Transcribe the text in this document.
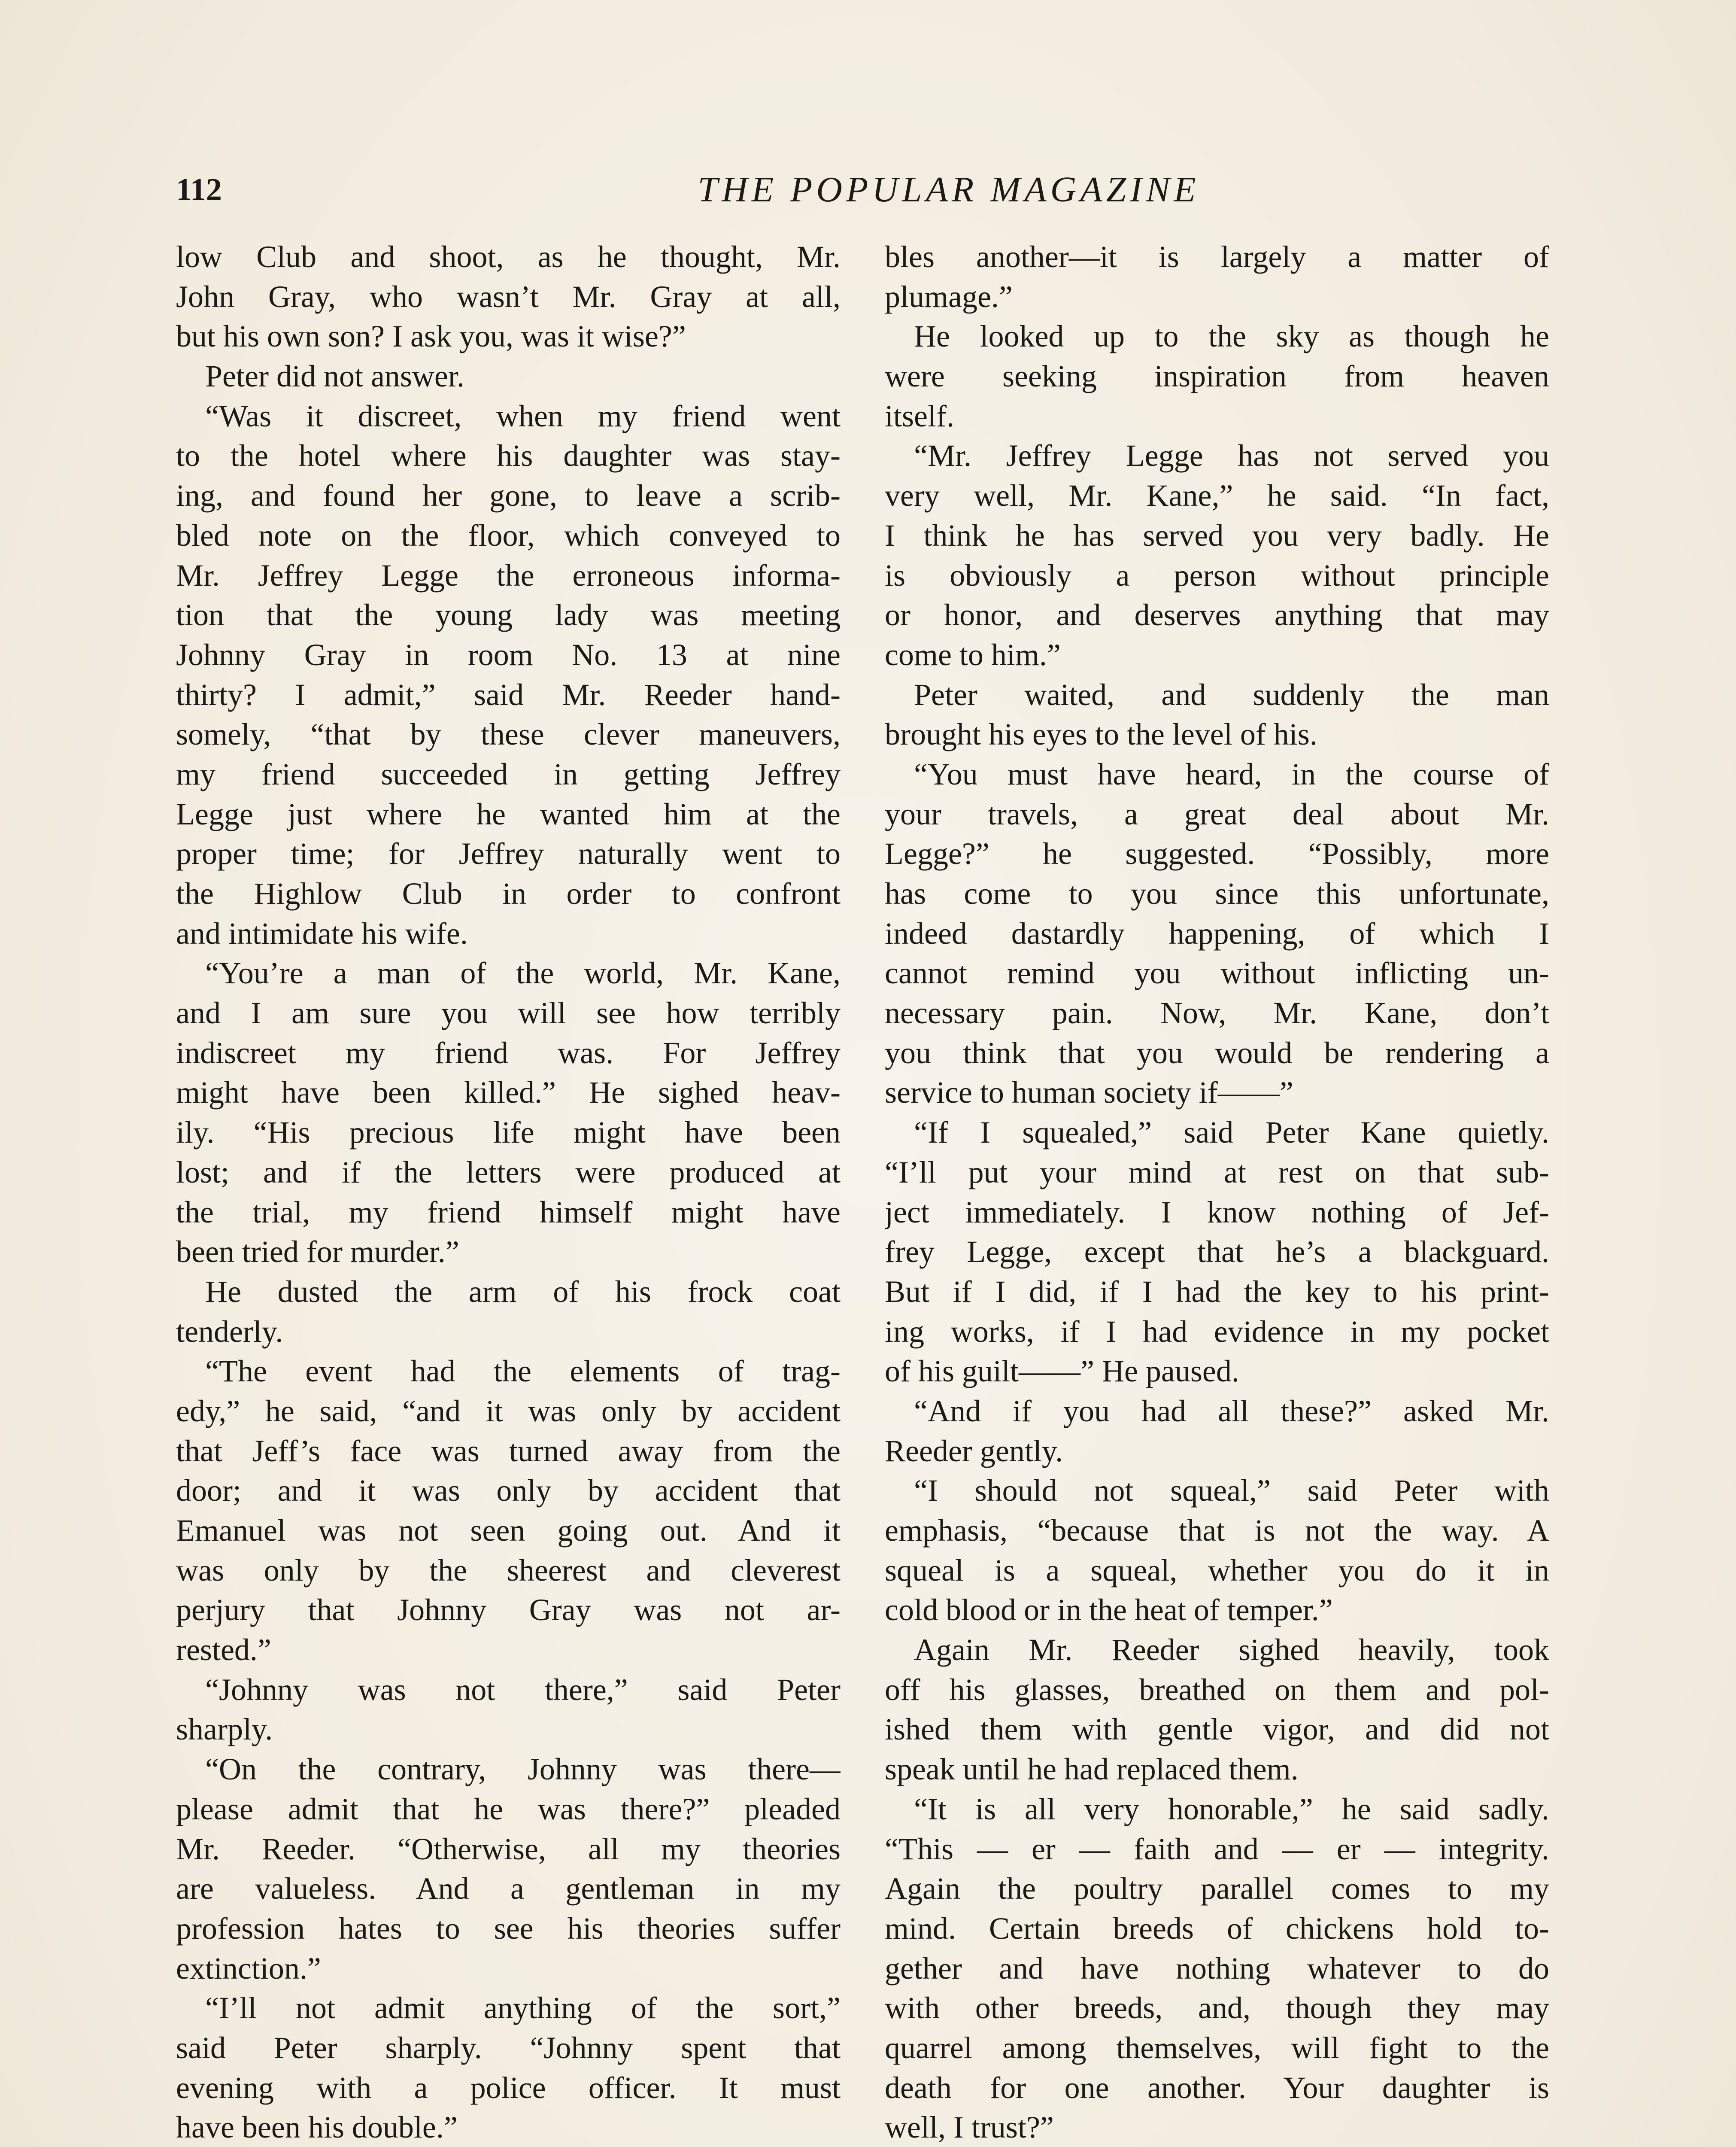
112	THE POPULAR MAGAZINE
low Club and shoot, as he thought, Mr.
John Gray, who wasn’t Mr. Gray at all,
but his own son? I ask you, was it wise?”
Peter did not answer.
“Was it discreet, when my friend went
to the hotel where his daughter was stay-
ing, and found her gone, to leave a scrib-
bled note on the floor, which conveyed to
Mr. Jeffrey Legge the erroneous informa-
tion that the young lady was meeting
Johnny Gray in room No. 13 at nine
thirty? I admit,” said Mr. Reeder hand-
somely, “that by these clever maneuvers,
my friend succeeded in getting Jeffrey
Legge just where he wanted him at the
proper time; for Jeffrey naturally went to
the Highlow Club in order to confront
and intimidate his wife.
“You’re a man of the world, Mr. Kane,
and I am sure you will see how terribly
indiscreet my friend was. For Jeffrey
might have been killed.” He sighed heav-
ily. “His precious life might have been
lost; and if the letters were produced at
the trial, my friend himself might have
been tried for murder.”
He dusted the arm of his frock coat
tenderly.
“The event had the elements of trag-
edy,” he said, “and it was only by accident
that Jeff’s face was turned away from the
door; and it was only by accident that
Emanuel was not seen going out. And it
was only by the sheerest and cleverest
perjury that Johnny Gray was not ar-
rested.”
“Johnny was not there,” said Peter
sharply.
“On the contrary, Johnny was there—
please admit that he was there?” pleaded
Mr. Reeder. “Otherwise, all my theories
are valueless. And a gentleman in my
profession hates to see his theories suffer
extinction.”
“I’ll not admit anything of the sort,”
said Peter sharply. “Johnny spent that
evening with a police officer. It must
have been his double.”
bles another—it is largely a matter of
plumage.”
He looked up to the sky as though he
were seeking inspiration from heaven
itself.
“Mr. Jeffrey Legge has not served you
very well, Mr. Kane,” he said. “In fact,
I think he has served you very badly. He
is obviously a person without principle
or honor, and deserves anything that may
come to him.”
Peter waited, and suddenly the man
brought his eyes to the level of his.
“You must have heard, in the course of
your travels, a great deal about Mr.
Legge?” he suggested. “Possibly, more
has come to you since this unfortunate,
indeed dastardly happening, of which I
cannot remind you without inflicting un-
necessary pain. Now, Mr. Kane, don’t
you think that you would be rendering a
service to human society if——”
“If I squealed,” said Peter Kane quietly.
“I’ll put your mind at rest on that sub-
ject immediately. I know nothing of Jef-
frey Legge, except that he’s a blackguard.
But if I did, if I had the key to his print-
ing works, if I had evidence in my pocket
of his guilt——” He paused.
“And if you had all these?” asked Mr.
Reeder gently.
“I should not squeal,” said Peter with
emphasis, “because that is not the way. A
squeal is a squeal, whether you do it in
cold blood or in the heat of temper.”
Again Mr. Reeder sighed heavily, took
off his glasses, breathed on them and pol-
ished them with gentle vigor, and did not
speak until he had replaced them.
“It is all very honorable,” he said sadly.
“This — er — faith and — er — integrity.
Again the poultry parallel comes to my
mind. Certain breeds of chickens hold to-
gether and have nothing whatever to do
with other breeds, and, though they may
quarrel among themselves, will fight to the
death for one another. Your daughter is
well, I trust?”
